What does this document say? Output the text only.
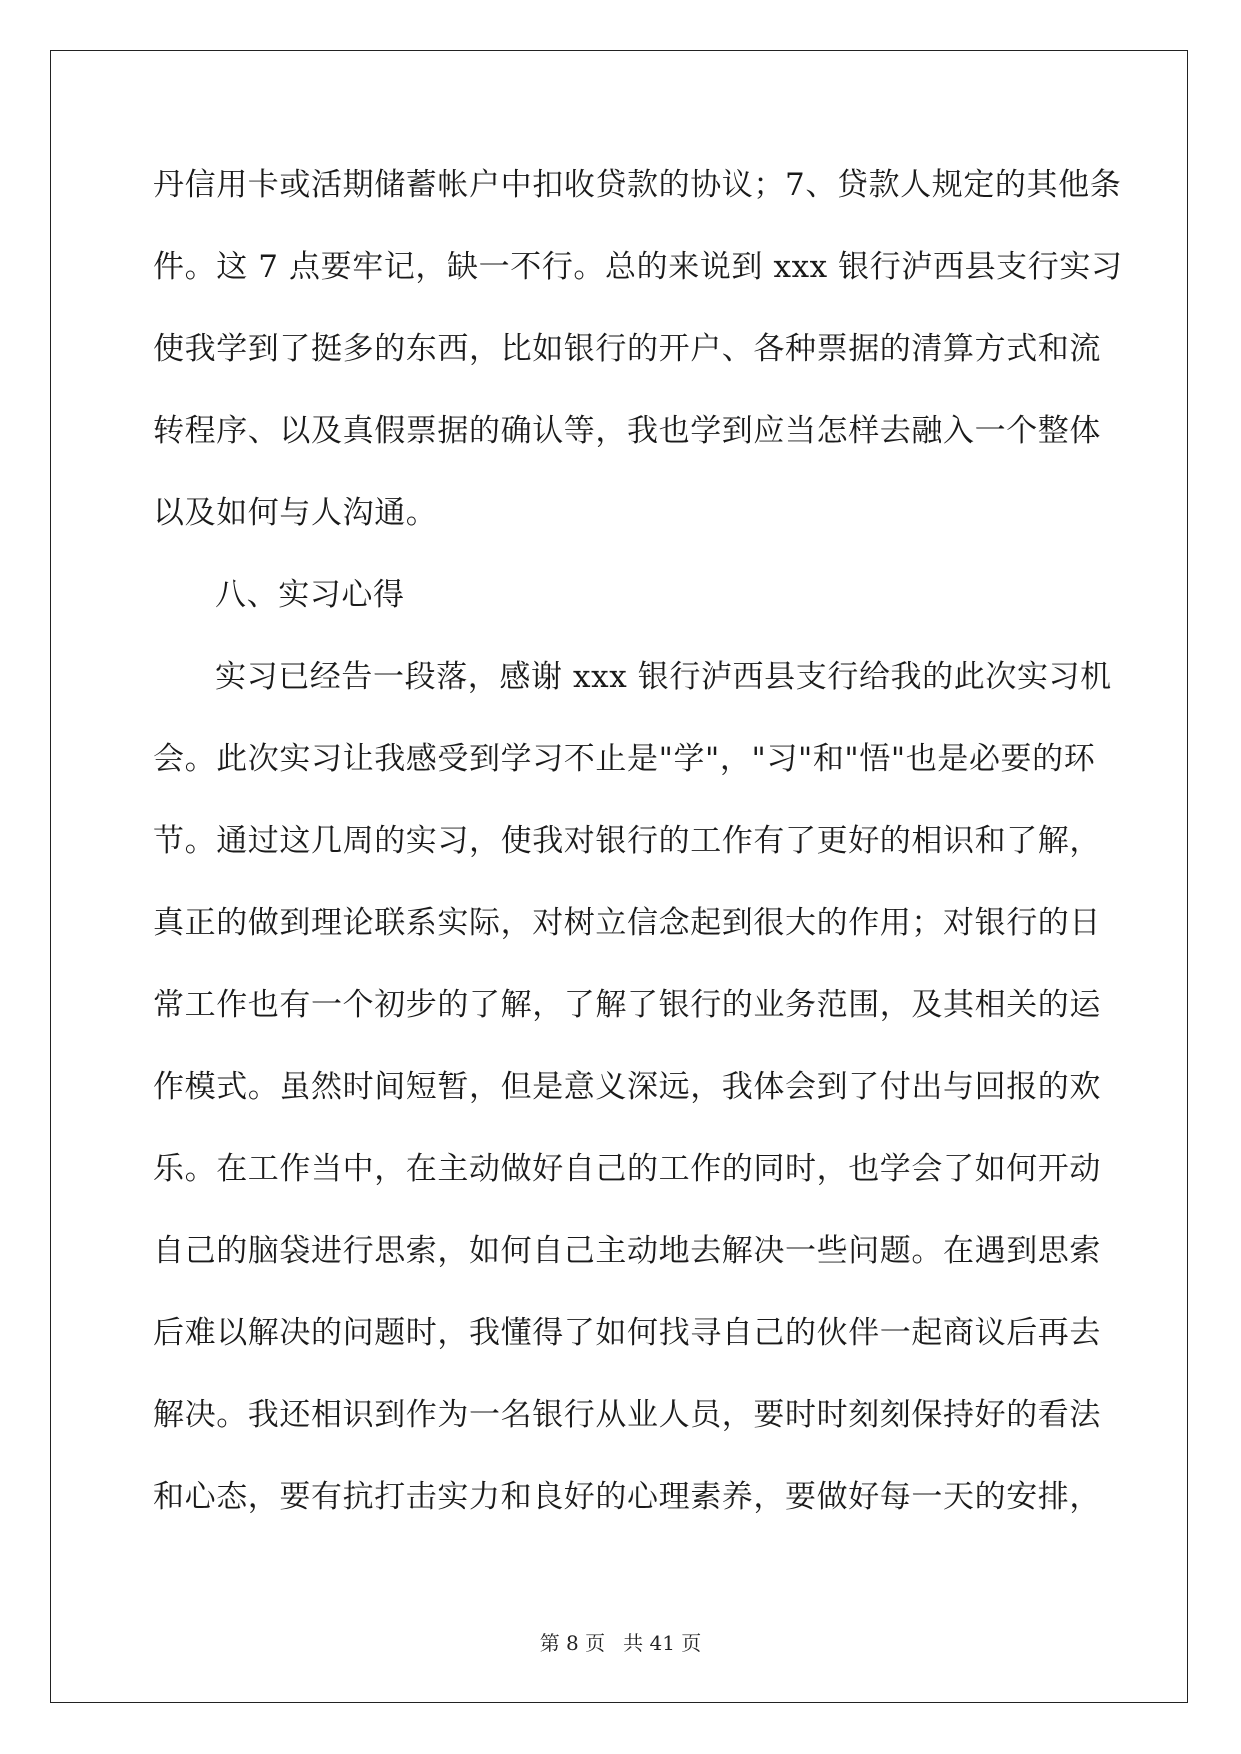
丹信用卡或活期储蓄帐户中扣收贷款的协议；7、贷款人规定的其他条
件。这 7 点要牢记，缺一不行。总的来说到 xxx 银行泸西县支行实习
使我学到了挺多的东西，比如银行的开户、各种票据的清算方式和流
转程序、以及真假票据的确认等，我也学到应当怎样去融入一个整体
以及如何与人沟通。
八、实习心得
实习已经告一段落，感谢 xxx 银行泸西县支行给我的此次实习机
会。此次实习让我感受到学习不止是"学"，"习"和"悟"也是必要的环
节。通过这几周的实习，使我对银行的工作有了更好的相识和了解，
真正的做到理论联系实际，对树立信念起到很大的作用；对银行的日
常工作也有一个初步的了解，了解了银行的业务范围，及其相关的运
作模式。虽然时间短暂，但是意义深远，我体会到了付出与回报的欢
乐。在工作当中，在主动做好自己的工作的同时，也学会了如何开动
自己的脑袋进行思索，如何自己主动地去解决一些问题。在遇到思索
后难以解决的问题时，我懂得了如何找寻自己的伙伴一起商议后再去
解决。我还相识到作为一名银行从业人员，要时时刻刻保持好的看法
和心态，要有抗打击实力和良好的心理素养，要做好每一天的安排，
第 8 页 共 41 页
